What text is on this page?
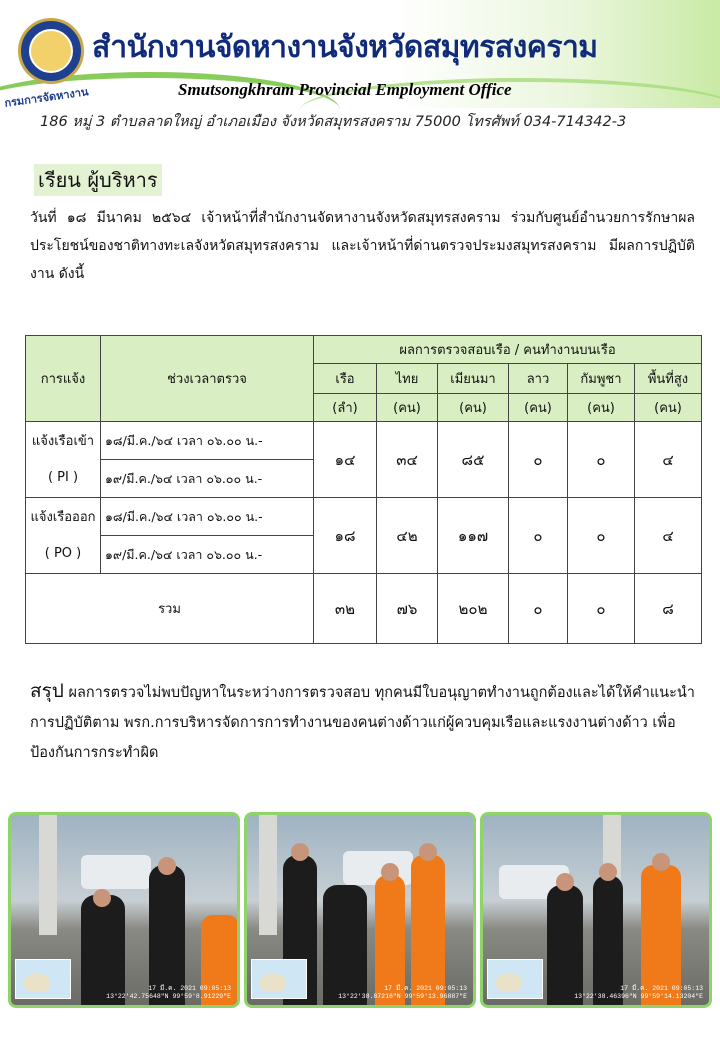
กรมการจัดหางาน
สำนักงานจัดหางานจังหวัดสมุทรสงคราม
Smutsongkhram Provincial Employment Office
186 หมู่ 3 ตำบลลาดใหญ่ อำเภอเมือง จังหวัดสมุทรสงคราม 75000 โทรศัพท์ 034-714342-3
เรียน ผู้บริหาร
วันที่ ๑๘ มีนาคม ๒๕๖๔ เจ้าหน้าที่สำนักงานจัดหางานจังหวัดสมุทรสงคราม ร่วมกับศูนย์อำนวยการรักษาผลประโยชน์ของชาติทางทะเลจังหวัดสมุทรสงคราม และเจ้าหน้าที่ด่านตรวจประมงสมุทรสงคราม มีผลการปฏิบัติงาน ดังนี้
การแจ้ง	ช่วงเวลาตรวจ	ผลการตรวจสอบเรือ / คนทำงานบนเรือ					
		เรือ	ไทย	เมียนมา	ลาว	กัมพูชา	พื้นที่สูง
		(ลำ)	(คน)	(คน)	(คน)	(คน)	(คน)

แจ้งเรือเข้า
( PI )	๑๘/มี.ค./๖๔ เวลา ๐๖.๐๐ น.-	๑๔	๓๔	๘๕	๐	๐	๔
	๑๙/มี.ค./๖๔ เวลา ๐๖.๐๐ น.-						

แจ้งเรือออก
( PO )	๑๘/มี.ค./๖๔ เวลา ๐๖.๐๐ น.-	๑๘	๔๒	๑๑๗	๐	๐	๔
	๑๙/มี.ค./๖๔ เวลา ๐๖.๐๐ น.-						
รวม		๓๒	๗๖	๒๐๒	๐	๐	๘
สรุป ผลการตรวจไม่พบปัญหาในระหว่างการตรวจสอบ ทุกคนมีใบอนุญาตทำงานถูกต้องและได้ให้คำแนะนำการปฏิบัติตาม พรก.การบริหารจัดการการทำงานของคนต่างด้าวแก่ผู้ควบคุมเรือและแรงงานต่างด้าว เพื่อป้องกันการกระทำผิด
17 มี.ค. 2021 09:05:13
13°22'42.75648"N 99°59'8.91229"E
17 มี.ค. 2021 09:05:13
13°22'38.87216"N 99°59'13.96887"E
17 มี.ค. 2021 09:05:13
13°22'38.46396"N 99°59'14.13204"E
